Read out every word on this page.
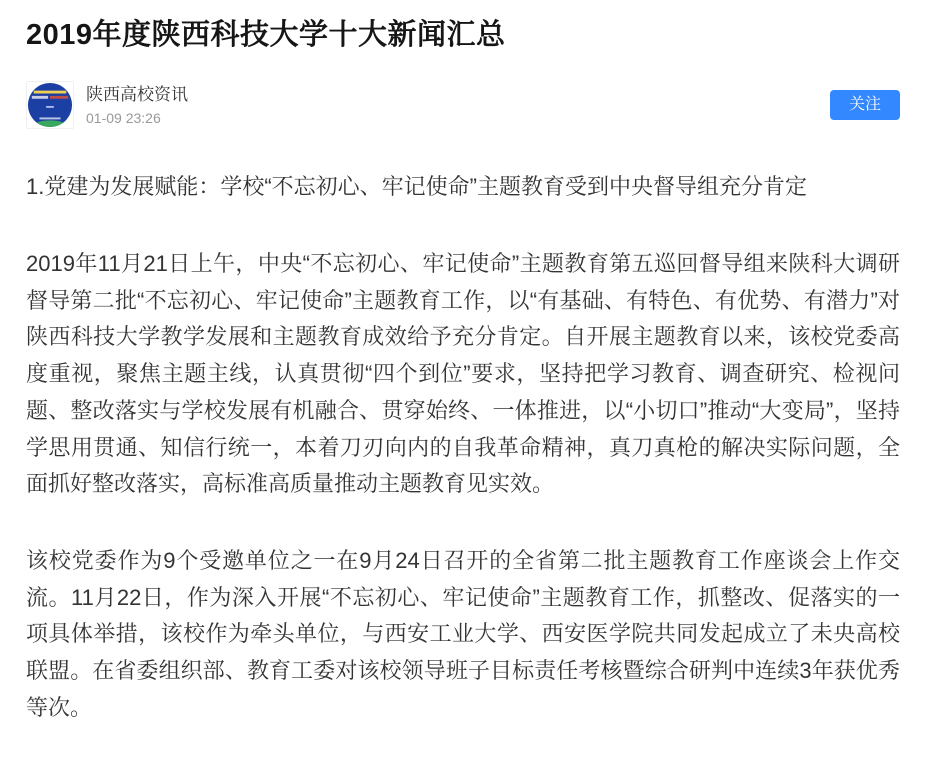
2019年度陕西科技大学十大新闻汇总
陕西高校资讯
01-09 23:26
关注

1.党建为发展赋能：学校“不忘初心、牢记使命”主题教育受到中央督导组充分肯定

2019年11月21日上午，中央“不忘初心、牢记使命”主题教育第五巡回督导组来陕科大调研督导第二批“不忘初心、牢记使命”主题教育工作，以“有基础、有特色、有优势、有潜力”对陕西科技大学教学发展和主题教育成效给予充分肯定。自开展主题教育以来，该校党委高度重视，聚焦主题主线，认真贯彻“四个到位”要求，坚持把学习教育、调查研究、检视问题、整改落实与学校发展有机融合、贯穿始终、一体推进，以“小切口”推动“大变局”，坚持学思用贯通、知信行统一，本着刀刃向内的自我革命精神，真刀真枪的解决实际问题，全面抓好整改落实，高标准高质量推动主题教育见实效。

该校党委作为9个受邀单位之一在9月24日召开的全省第二批主题教育工作座谈会上作交流。11月22日，作为深入开展“不忘初心、牢记使命”主题教育工作，抓整改、促落实的一项具体举措，该校作为牵头单位，与西安工业大学、西安医学院共同发起成立了未央高校联盟。在省委组织部、教育工委对该校领导班子目标责任考核暨综合研判中连续3年获优秀等次。
